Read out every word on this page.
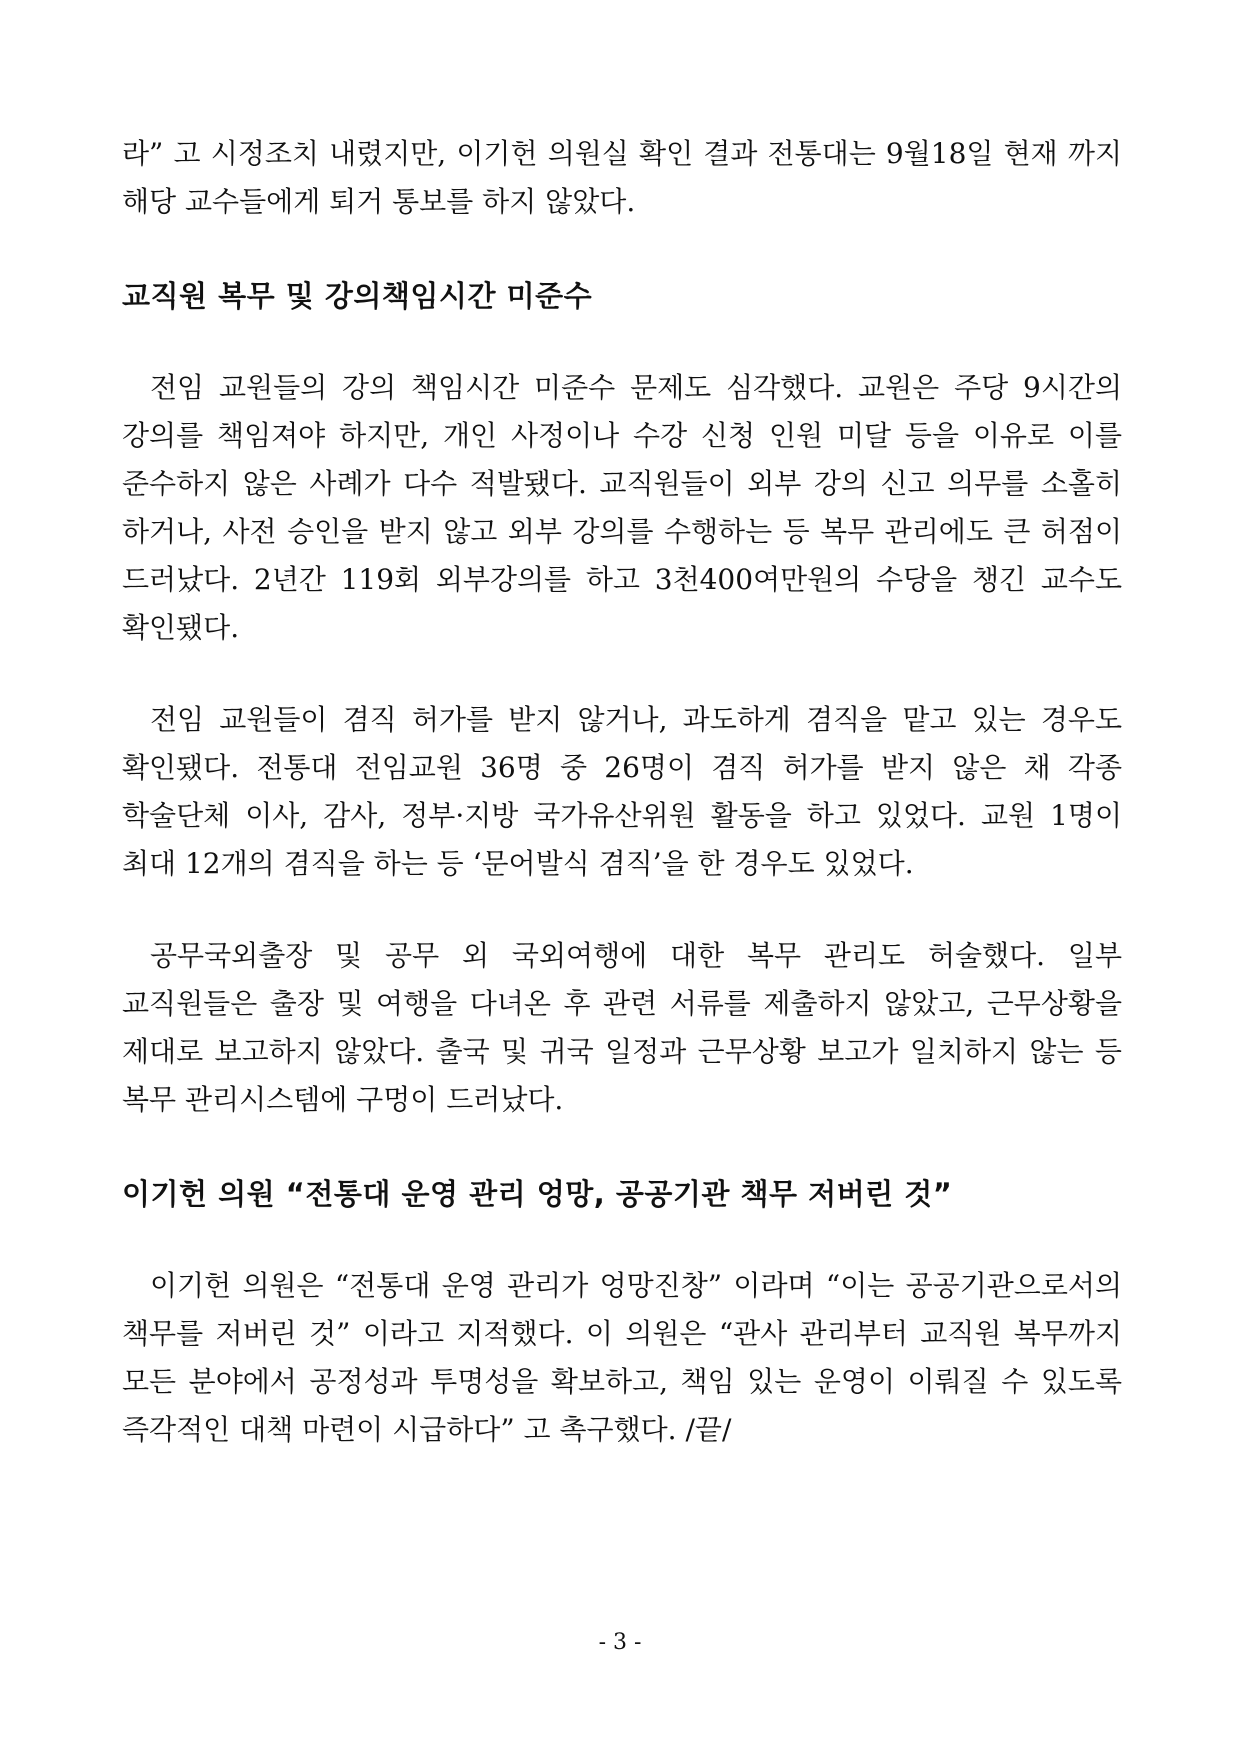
라” 고 시정조치 내렸지만, 이기헌 의원실 확인 결과 전통대는 9월18일 현재 까지 해당 교수들에게 퇴거 통보를 하지 않았다.

교직원 복무 및 강의책임시간 미준수

전임 교원들의 강의 책임시간 미준수 문제도 심각했다. 교원은 주당 9시간의 강의를 책임져야 하지만, 개인 사정이나 수강 신청 인원 미달 등을 이유로 이를 준수하지 않은 사례가 다수 적발됐다. 교직원들이 외부 강의 신고 의무를 소홀히 하거나, 사전 승인을 받지 않고 외부 강의를 수행하는 등 복무 관리에도 큰 허점이 드러났다. 2년간 119회 외부강의를 하고 3천400여만원의 수당을 챙긴 교수도 확인됐다.

전임 교원들이 겸직 허가를 받지 않거나, 과도하게 겸직을 맡고 있는 경우도 확인됐다. 전통대 전임교원 36명 중 26명이 겸직 허가를 받지 않은 채 각종 학술단체 이사, 감사, 정부·지방 국가유산위원 활동을 하고 있었다. 교원 1명이 최대 12개의 겸직을 하는 등 ‘문어발식 겸직’을 한 경우도 있었다.

공무국외출장 및 공무 외 국외여행에 대한 복무 관리도 허술했다. 일부 교직원들은 출장 및 여행을 다녀온 후 관련 서류를 제출하지 않았고, 근무상황을 제대로 보고하지 않았다. 출국 및 귀국 일정과 근무상황 보고가 일치하지 않는 등 복무 관리시스템에 구멍이 드러났다.

이기헌 의원 “전통대 운영 관리 엉망, 공공기관 책무 저버린 것”

이기헌 의원은 “전통대 운영 관리가 엉망진창” 이라며 “이는 공공기관으로서의 책무를 저버린 것” 이라고 지적했다. 이 의원은 “관사 관리부터 교직원 복무까지 모든 분야에서 공정성과 투명성을 확보하고, 책임 있는 운영이 이뤄질 수 있도록 즉각적인 대책 마련이 시급하다” 고 촉구했다. /끝/

- 3 -
